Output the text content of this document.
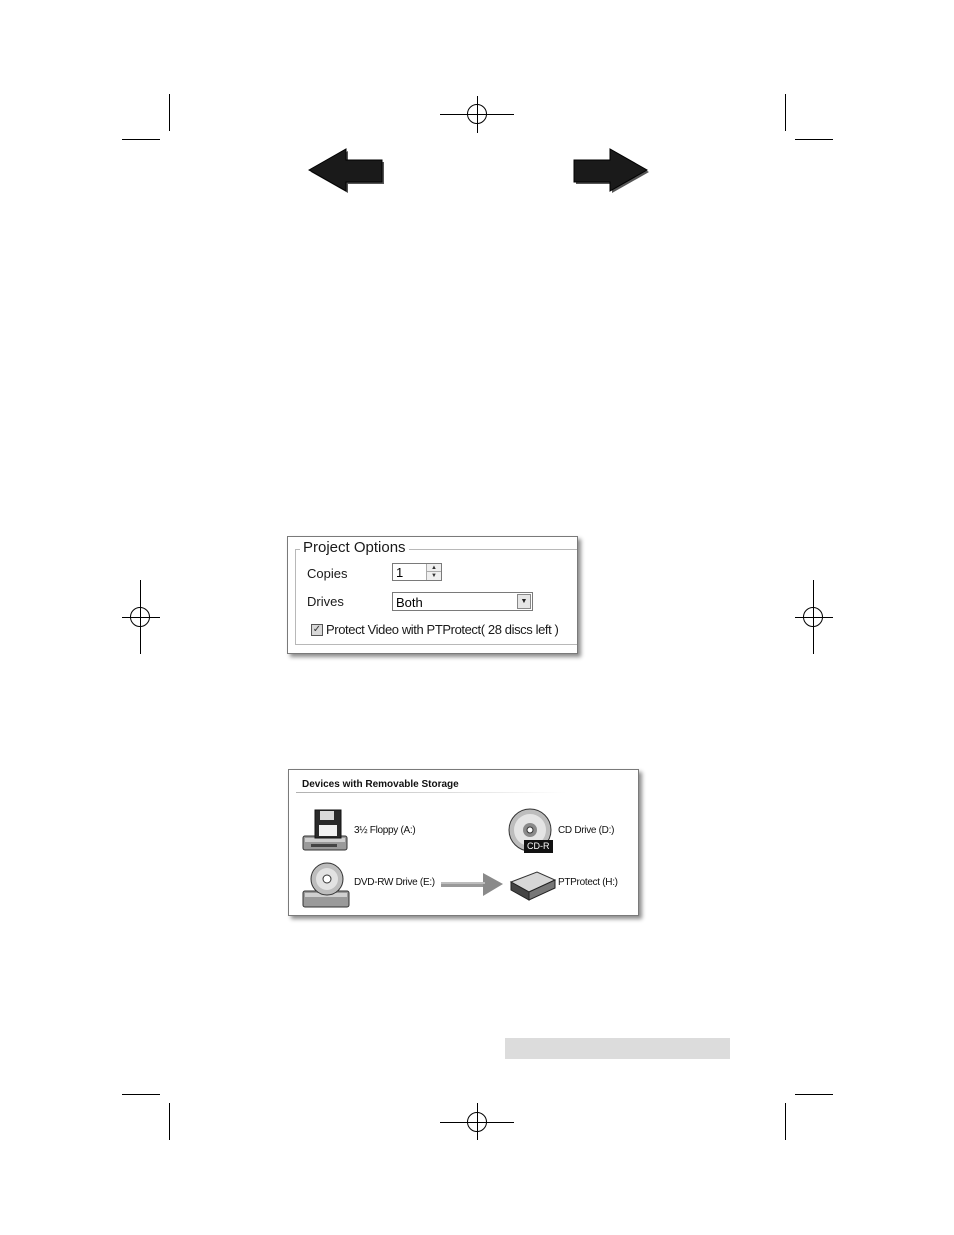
Project Options
Copies	1	▲
▼
Drives	Both	▼
✓ Protect Video with PTProtect( 28 discs left )
Devices with Removable Storage
3½ Floppy (A:)
CD-R
CD Drive (D:)
DVD-RW Drive (E:)	PTProtect (H:)
